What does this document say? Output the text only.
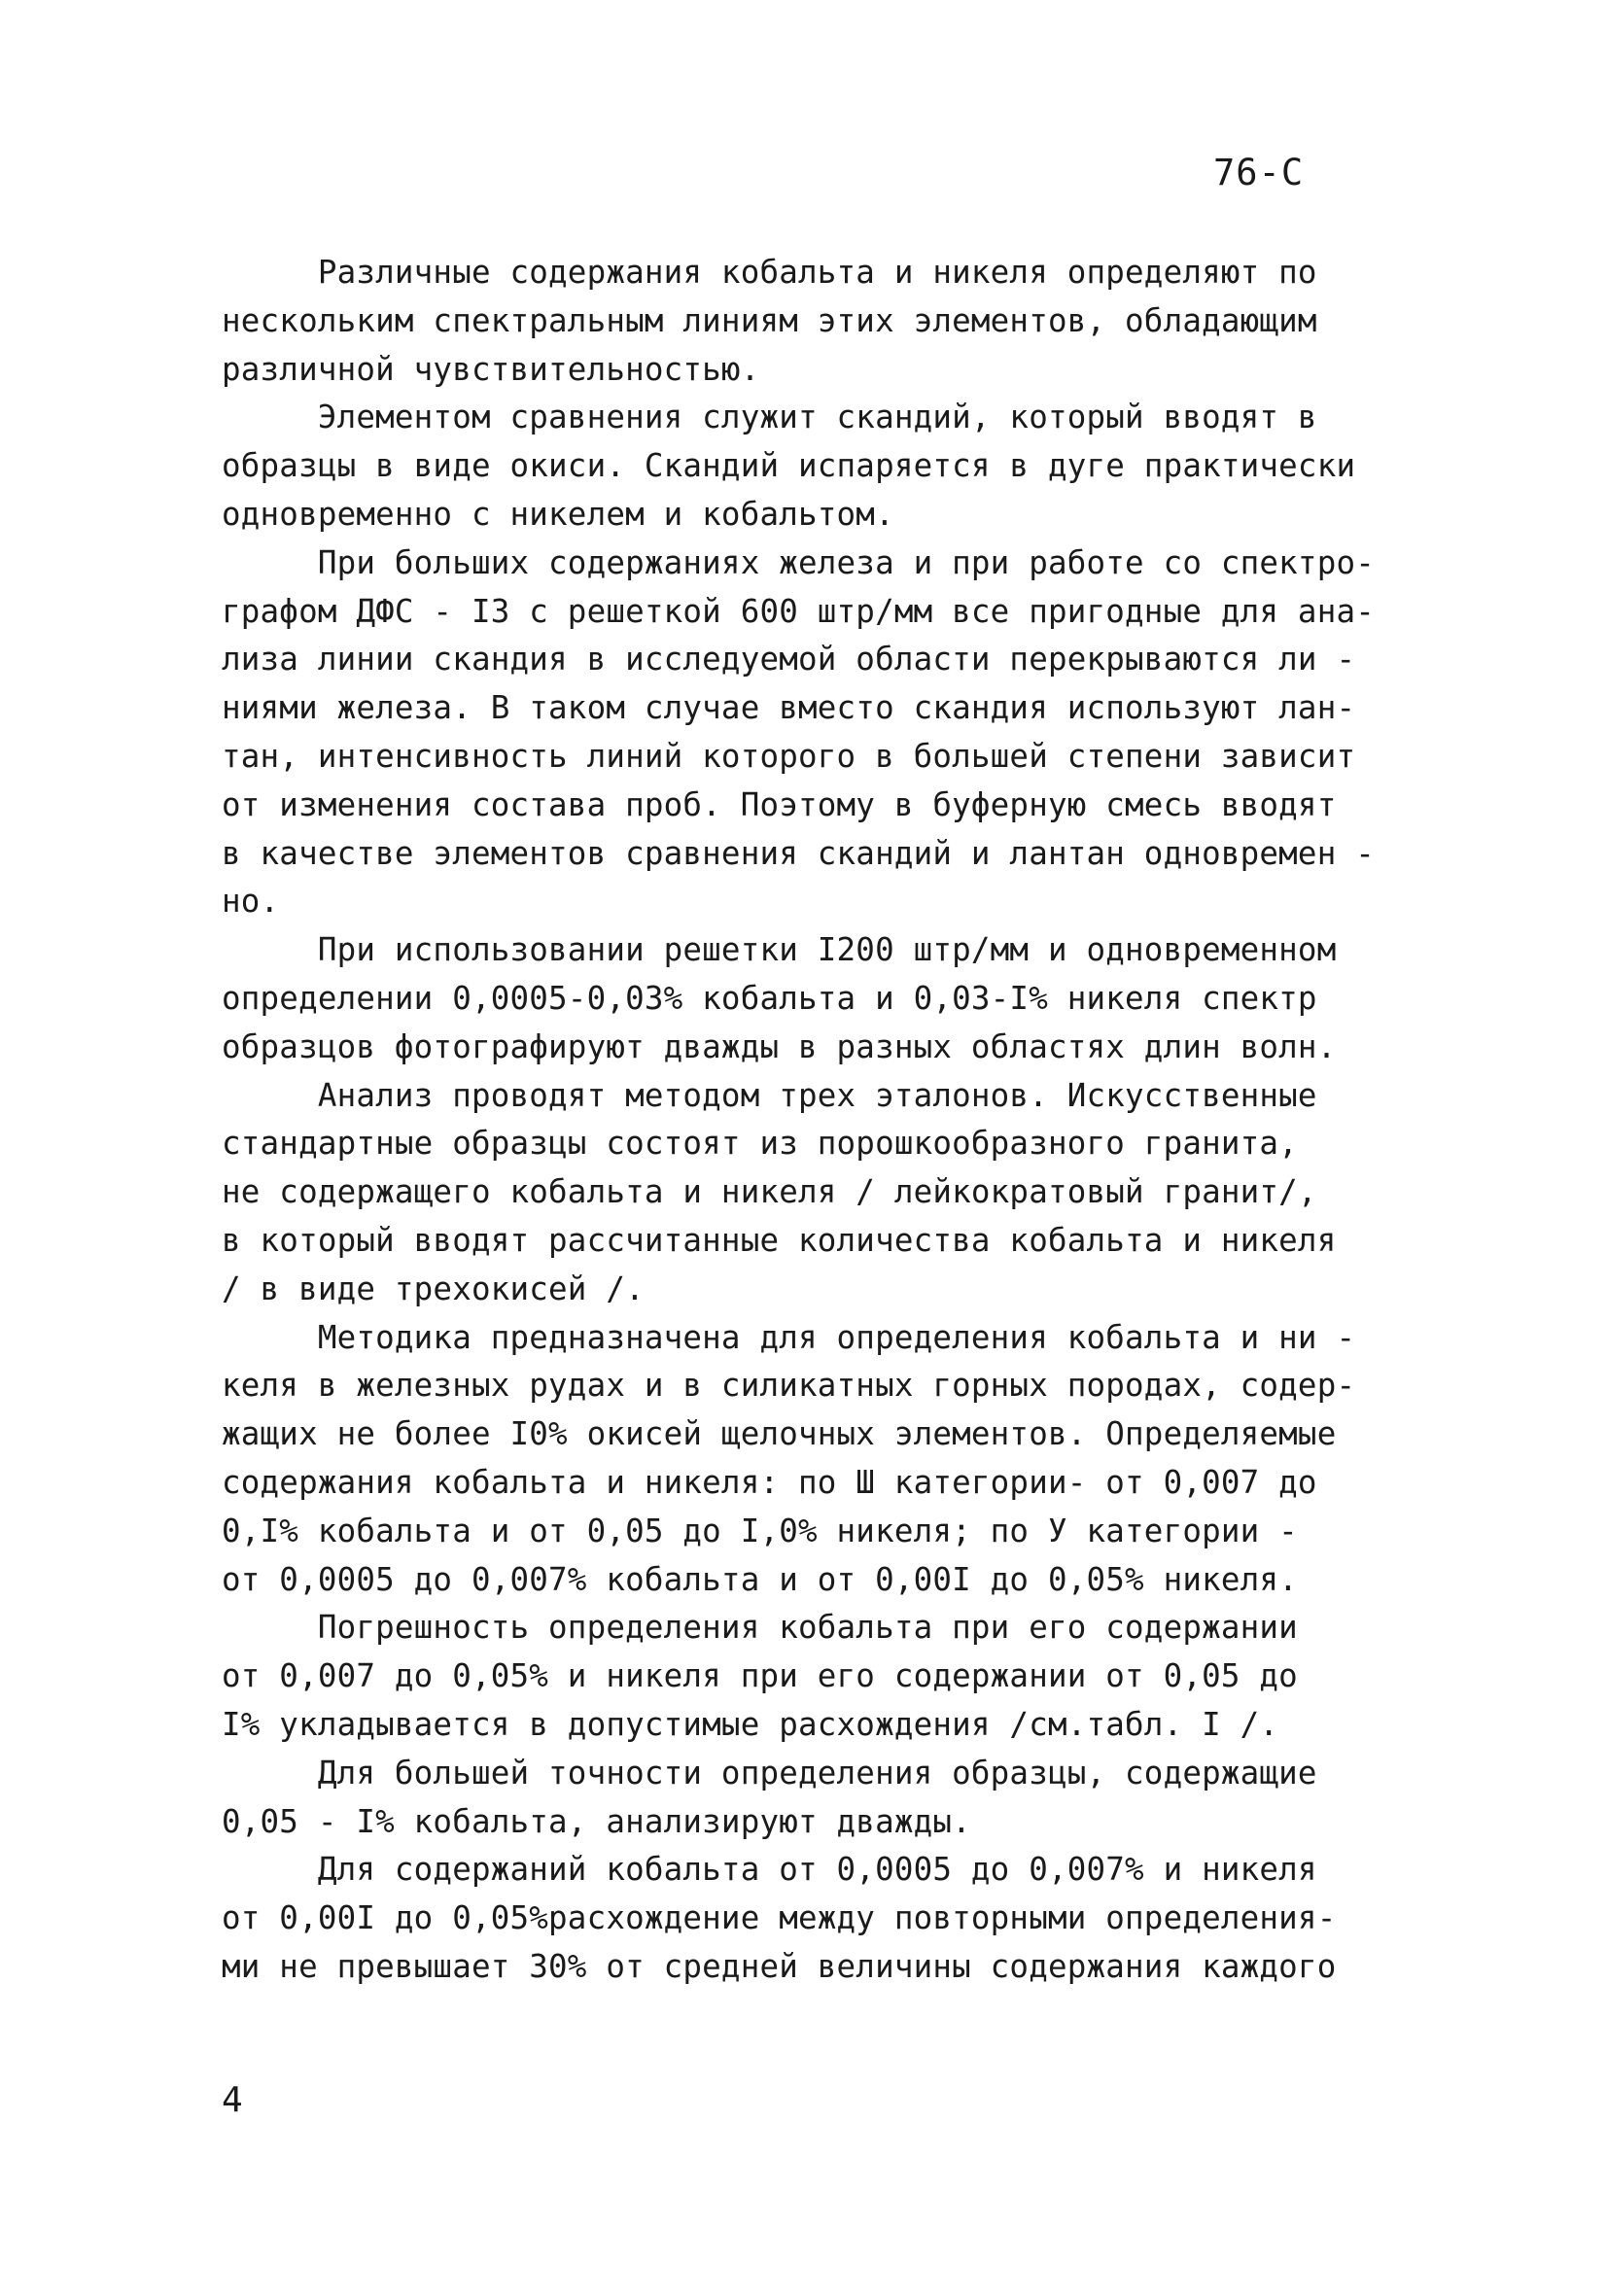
76-С
Различные содержания кобальта и никеля определяют по
нескольким спектральным линиям этих элементов, обладающим
различной чувствительностью.
Элементом сравнения служит скандий, который вводят в
образцы в виде окиси. Скандий испаряется в дуге практически
одновременно с никелем и кобальтом.
При больших содержаниях железа и при работе со спектро-
графом ДФС - I3 с решеткой 600 штр/мм все пригодные для ана-
лиза линии скандия в исследуемой области перекрываются ли -
ниями железа. В таком случае вместо скандия используют лан-
тан, интенсивность линий которого в большей степени зависит
от изменения состава проб. Поэтому в буферную смесь вводят
в качестве элементов сравнения скандий и лантан одновремен -
но.
При использовании решетки I200 штр/мм и одновременном
определении 0,0005-0,03% кобальта и 0,03-I% никеля спектр
образцов фотографируют дважды в разных областях длин волн.
Анализ проводят методом трех эталонов. Искусственные
стандартные образцы состоят из порошкообразного гранита,
не содержащего кобальта и никеля / лейкократовый гранит/,
в который вводят рассчитанные количества кобальта и никеля
/ в виде трехокисей /.
Методика предназначена для определения кобальта и ни -
келя в железных рудах и в силикатных горных породах, содер-
жащих не более I0% окисей щелочных элементов. Определяемые
содержания кобальта и никеля: по Ш категории- от 0,007 до
0,I% кобальта и от 0,05 до I,0% никеля; по У категории -
от 0,0005 до 0,007% кобальта и от 0,00I до 0,05% никеля.
Погрешность определения кобальта при его содержании
от 0,007 до 0,05% и никеля при его содержании от 0,05 до
I% укладывается в допустимые расхождения /см.табл. I /.
Для большей точности определения образцы, содержащие
0,05 - I% кобальта, анализируют дважды.
Для содержаний кобальта от 0,0005 до 0,007% и никеля
от 0,00I до 0,05%расхождение между повторными определения-
ми не превышает 30% от средней величины содержания каждого
4
